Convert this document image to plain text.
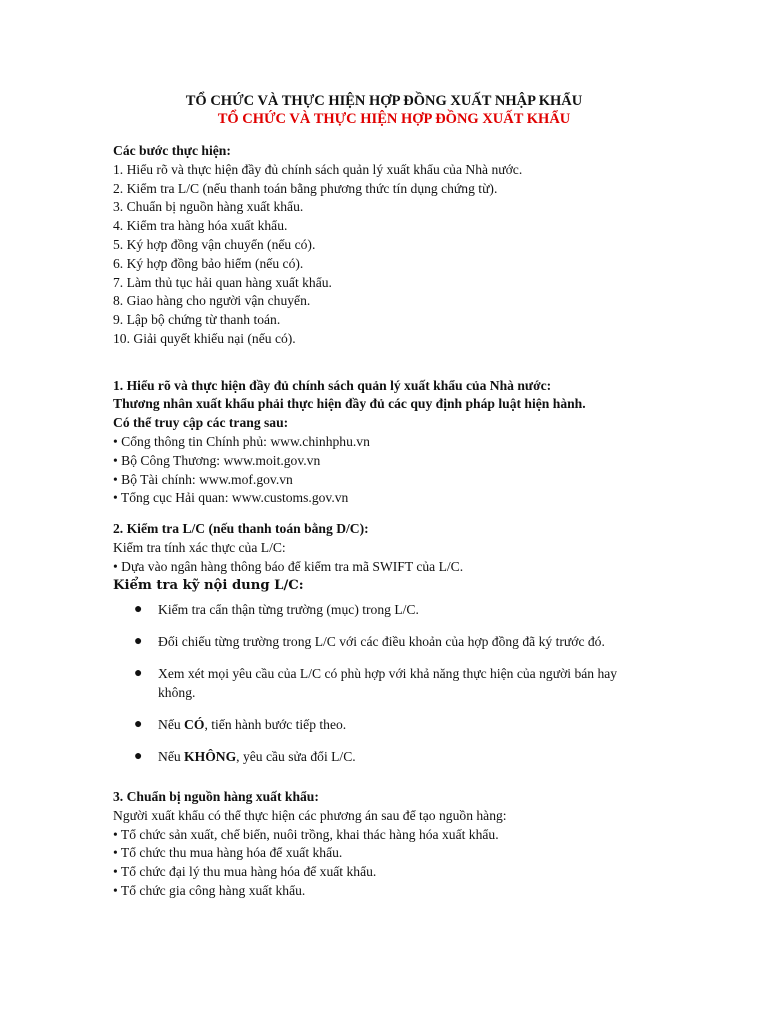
TỔ CHỨC VÀ THỰC HIỆN HỢP ĐỒNG XUẤT NHẬP KHẨU
TỔ CHỨC VÀ THỰC HIỆN HỢP ĐỒNG XUẤT KHẨU
Các bước thực hiện:
1. Hiểu rõ và thực hiện đầy đủ chính sách quản lý xuất khẩu của Nhà nước.
2. Kiểm tra L/C (nếu thanh toán bằng phương thức tín dụng chứng từ).
3. Chuẩn bị nguồn hàng xuất khẩu.
4. Kiểm tra hàng hóa xuất khẩu.
5. Ký hợp đồng vận chuyển (nếu có).
6. Ký hợp đồng bảo hiểm (nếu có).
7. Làm thủ tục hải quan hàng xuất khẩu.
8. Giao hàng cho người vận chuyển.
9. Lập bộ chứng từ thanh toán.
10. Giải quyết khiếu nại (nếu có).
1. Hiểu rõ và thực hiện đầy đủ chính sách quản lý xuất khẩu của Nhà nước:
Thương nhân xuất khẩu phải thực hiện đầy đủ các quy định pháp luật hiện hành.
Có thể truy cập các trang sau:
• Cổng thông tin Chính phủ: www.chinhphu.vn
• Bộ Công Thương: www.moit.gov.vn
• Bộ Tài chính: www.mof.gov.vn
• Tổng cục Hải quan: www.customs.gov.vn
2. Kiểm tra L/C (nếu thanh toán bằng D/C):
Kiểm tra tính xác thực của L/C:
• Dựa vào ngân hàng thông báo để kiểm tra mã SWIFT của L/C.
Kiểm tra kỹ nội dung L/C:
● Kiểm tra cẩn thận từng trường (mục) trong L/C.
● Đối chiếu từng trường trong L/C với các điều khoản của hợp đồng đã ký trước đó.
● Xem xét mọi yêu cầu của L/C có phù hợp với khả năng thực hiện của người bán hay không.
● Nếu CÓ, tiến hành bước tiếp theo.
● Nếu KHÔNG, yêu cầu sửa đổi L/C.
3. Chuẩn bị nguồn hàng xuất khẩu:
Người xuất khẩu có thể thực hiện các phương án sau để tạo nguồn hàng:
• Tổ chức sản xuất, chế biến, nuôi trồng, khai thác hàng hóa xuất khẩu.
• Tổ chức thu mua hàng hóa để xuất khẩu.
• Tổ chức đại lý thu mua hàng hóa để xuất khẩu.
• Tổ chức gia công hàng xuất khẩu.
